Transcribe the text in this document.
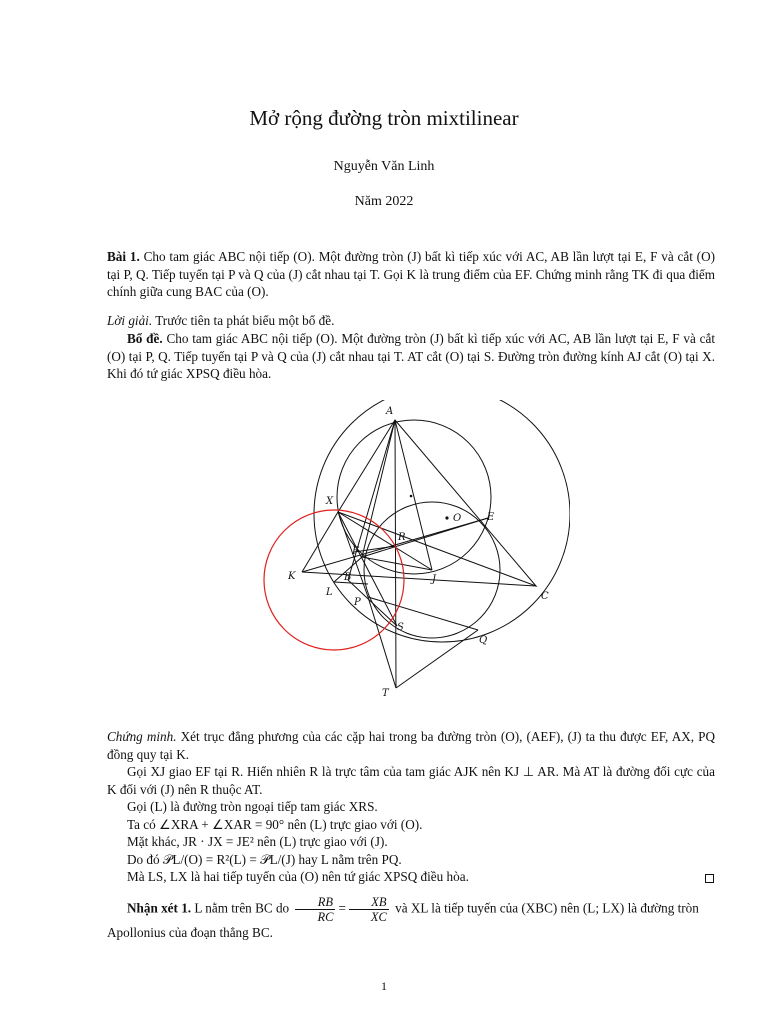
Mở rộng đường tròn mixtilinear
Nguyễn Văn Linh
Năm 2022
Bài 1. Cho tam giác ABC nội tiếp (O). Một đường tròn (J) bất kì tiếp xúc với AC, AB lần lượt tại E, F và cắt (O) tại P, Q. Tiếp tuyến tại P và Q của (J) cắt nhau tại T. Gọi K là trung điểm của EF. Chứng minh rằng TK đi qua điểm chính giữa cung BAC của (O).
Lời giải. Trước tiên ta phát biểu một bổ đề.
Bổ đề. Cho tam giác ABC nội tiếp (O). Một đường tròn (J) bất kì tiếp xúc với AC, AB lần lượt tại E, F và cắt (O) tại P, Q. Tiếp tuyến tại P và Q của (J) cắt nhau tại T. AT cắt (O) tại S. Đường tròn đường kính AJ cắt (O) tại X. Khi đó tứ giác XPSQ điều hòa.
A
X
O	E
R
F
K	B	J
L	C
P
S
Q
T
Chứng minh. Xét trục đẳng phương của các cặp hai trong ba đường tròn (O), (AEF), (J) ta thu được EF, AX, PQ đồng quy tại K.
Gọi XJ giao EF tại R. Hiển nhiên R là trực tâm của tam giác AJK nên KJ ⊥ AR. Mà AT là đường đối cực của K đối với (J) nên R thuộc AT.
Gọi (L) là đường tròn ngoại tiếp tam giác XRS.
Ta có ∠XRA + ∠XAR = 90° nên (L) trực giao với (O).
Mặt khác, JR · JX = JE² nên (L) trực giao với (J).
Do đó 𝒫L/(O) = R²(L) = 𝒫L/(J) hay L nằm trên PQ.
Mà LS, LX là hai tiếp tuyến của (O) nên tứ giác XPSQ điều hòa.
Nhận xét 1. L nằm trên BC do $\frac{RB}{RC} = \frac{XB}{XC}$ và XL là tiếp tuyến của (XBC) nên (L; LX) là đường tròn Apollonius của đoạn thẳng BC.
1
